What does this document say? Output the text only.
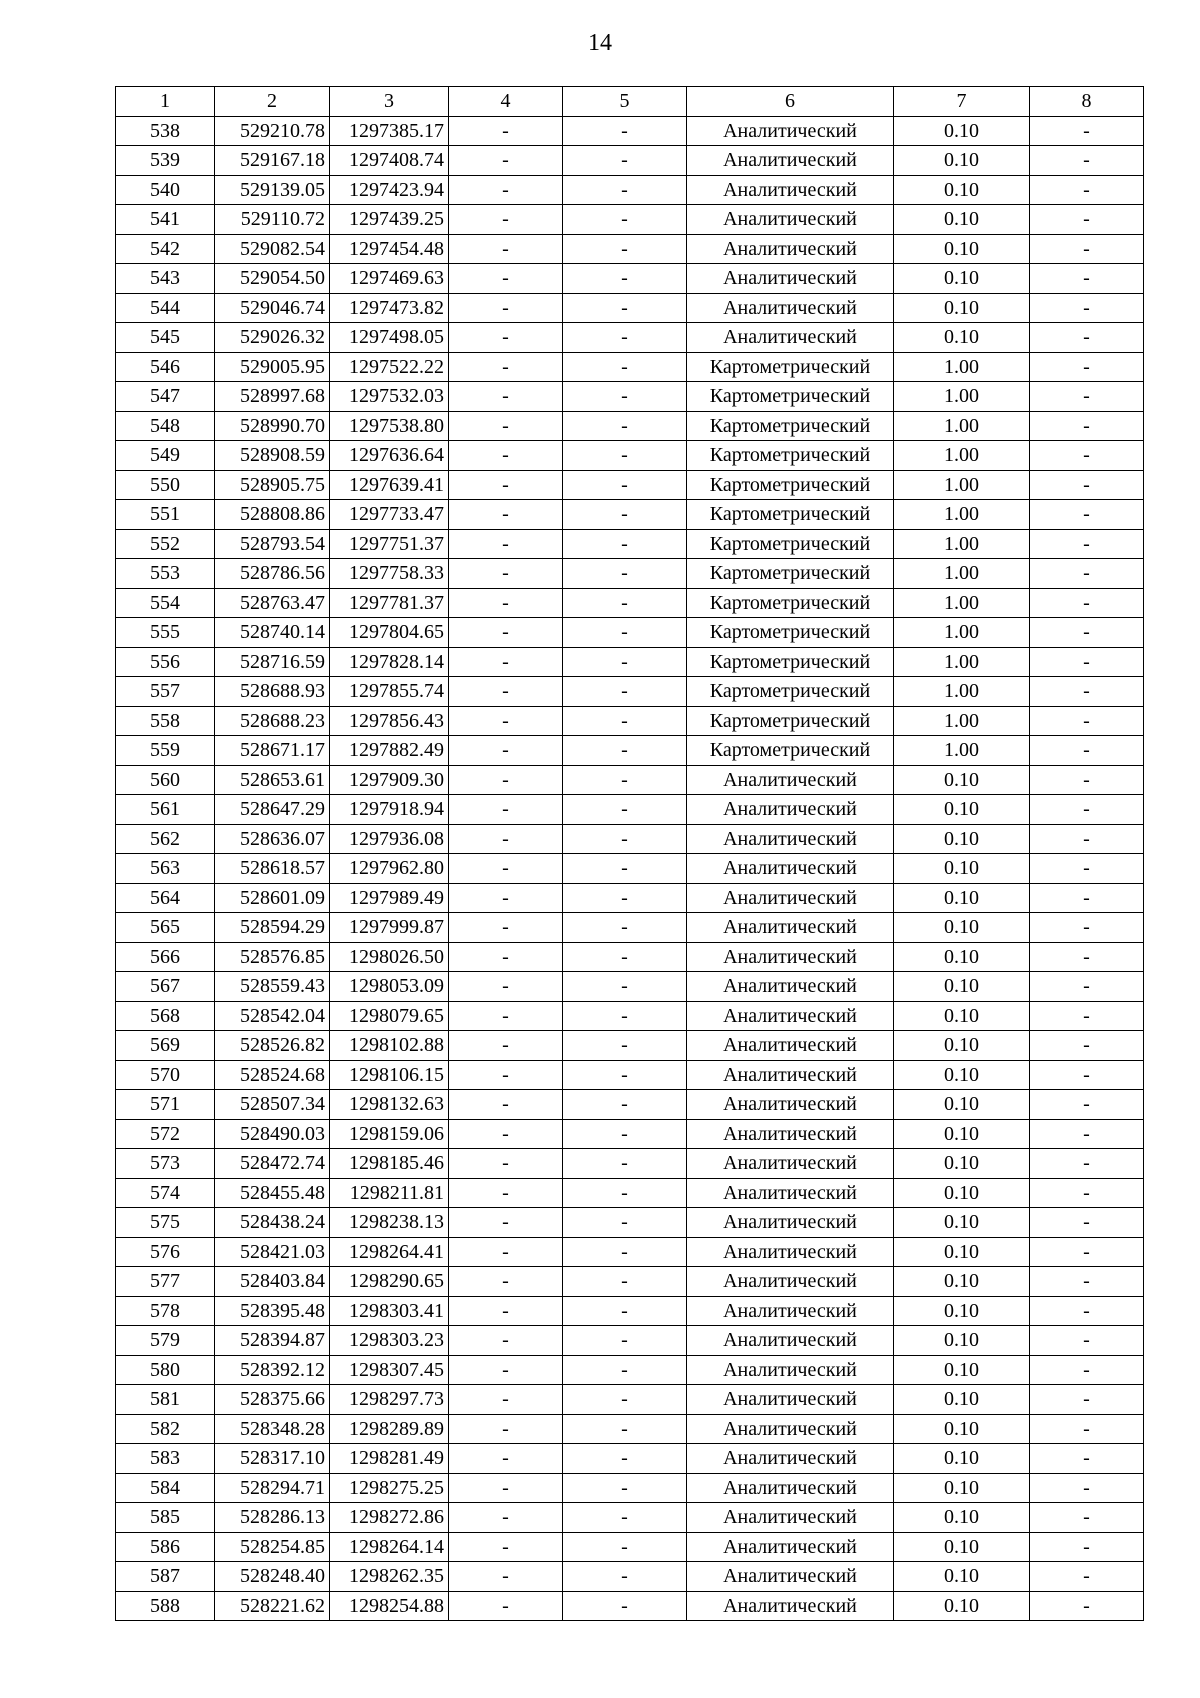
14
1	2	3	4	5	6	7	8
538	529210.78	1297385.17	-	-	Аналитический	0.10	-
539	529167.18	1297408.74	-	-	Аналитический	0.10	-
540	529139.05	1297423.94	-	-	Аналитический	0.10	-
541	529110.72	1297439.25	-	-	Аналитический	0.10	-
542	529082.54	1297454.48	-	-	Аналитический	0.10	-
543	529054.50	1297469.63	-	-	Аналитический	0.10	-
544	529046.74	1297473.82	-	-	Аналитический	0.10	-
545	529026.32	1297498.05	-	-	Аналитический	0.10	-
546	529005.95	1297522.22	-	-	Картометрический	1.00	-
547	528997.68	1297532.03	-	-	Картометрический	1.00	-
548	528990.70	1297538.80	-	-	Картометрический	1.00	-
549	528908.59	1297636.64	-	-	Картометрический	1.00	-
550	528905.75	1297639.41	-	-	Картометрический	1.00	-
551	528808.86	1297733.47	-	-	Картометрический	1.00	-
552	528793.54	1297751.37	-	-	Картометрический	1.00	-
553	528786.56	1297758.33	-	-	Картометрический	1.00	-
554	528763.47	1297781.37	-	-	Картометрический	1.00	-
555	528740.14	1297804.65	-	-	Картометрический	1.00	-
556	528716.59	1297828.14	-	-	Картометрический	1.00	-
557	528688.93	1297855.74	-	-	Картометрический	1.00	-
558	528688.23	1297856.43	-	-	Картометрический	1.00	-
559	528671.17	1297882.49	-	-	Картометрический	1.00	-
560	528653.61	1297909.30	-	-	Аналитический	0.10	-
561	528647.29	1297918.94	-	-	Аналитический	0.10	-
562	528636.07	1297936.08	-	-	Аналитический	0.10	-
563	528618.57	1297962.80	-	-	Аналитический	0.10	-
564	528601.09	1297989.49	-	-	Аналитический	0.10	-
565	528594.29	1297999.87	-	-	Аналитический	0.10	-
566	528576.85	1298026.50	-	-	Аналитический	0.10	-
567	528559.43	1298053.09	-	-	Аналитический	0.10	-
568	528542.04	1298079.65	-	-	Аналитический	0.10	-
569	528526.82	1298102.88	-	-	Аналитический	0.10	-
570	528524.68	1298106.15	-	-	Аналитический	0.10	-
571	528507.34	1298132.63	-	-	Аналитический	0.10	-
572	528490.03	1298159.06	-	-	Аналитический	0.10	-
573	528472.74	1298185.46	-	-	Аналитический	0.10	-
574	528455.48	1298211.81	-	-	Аналитический	0.10	-
575	528438.24	1298238.13	-	-	Аналитический	0.10	-
576	528421.03	1298264.41	-	-	Аналитический	0.10	-
577	528403.84	1298290.65	-	-	Аналитический	0.10	-
578	528395.48	1298303.41	-	-	Аналитический	0.10	-
579	528394.87	1298303.23	-	-	Аналитический	0.10	-
580	528392.12	1298307.45	-	-	Аналитический	0.10	-
581	528375.66	1298297.73	-	-	Аналитический	0.10	-
582	528348.28	1298289.89	-	-	Аналитический	0.10	-
583	528317.10	1298281.49	-	-	Аналитический	0.10	-
584	528294.71	1298275.25	-	-	Аналитический	0.10	-
585	528286.13	1298272.86	-	-	Аналитический	0.10	-
586	528254.85	1298264.14	-	-	Аналитический	0.10	-
587	528248.40	1298262.35	-	-	Аналитический	0.10	-
588	528221.62	1298254.88	-	-	Аналитический	0.10	-
